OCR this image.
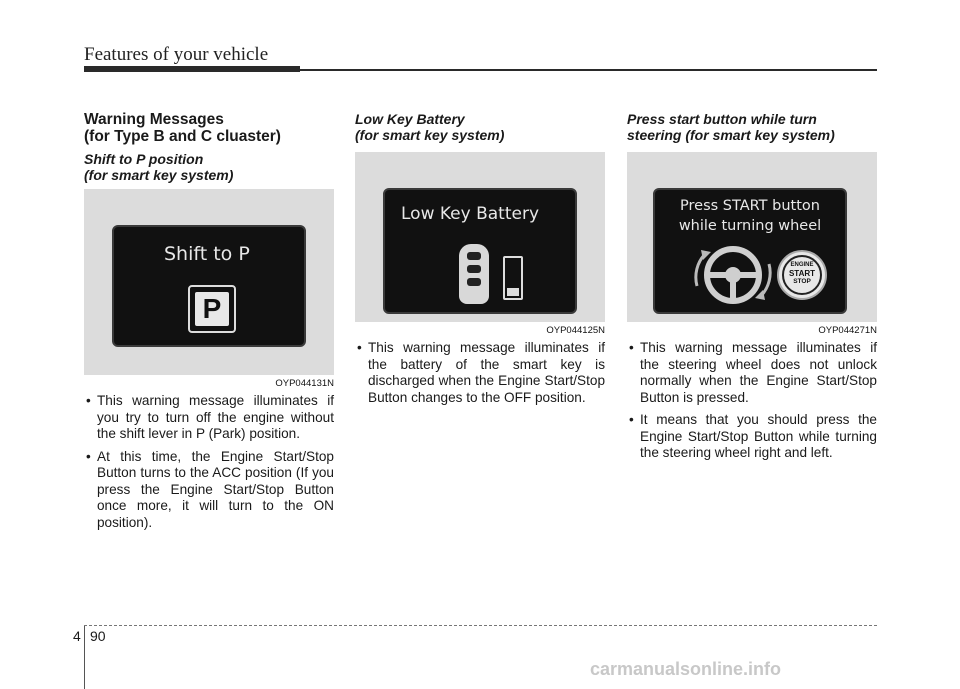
Features of your vehicle
Warning Messages
(for Type B and C cluaster)
Shift to P position
(for smart key system)
Shift to P
P
OYP044131N
• This warning message illuminates if you try to turn off the engine without the shift lever in P (Park) position.
• At this time, the Engine Start/Stop Button turns to the ACC position (If you press the Engine Start/Stop Button once more, it will turn to the ON position).
Low Key Battery
(for smart key system)
Low Key Battery
OYP044125N
• This warning message illuminates if the battery of the smart key is discharged when the Engine Start/Stop Button changes to the OFF position.
Press start button while turn
steering (for smart key system)
Press START button
while turning wheel
ENGINE
START
STOP
OYP044271N
• This warning message illuminates if the steering wheel does not unlock normally when the Engine Start/Stop Button is pressed.
• It means that you should press the Engine Start/Stop Button while turning the steering wheel right and left.
4 90
carmanualsonline.info
